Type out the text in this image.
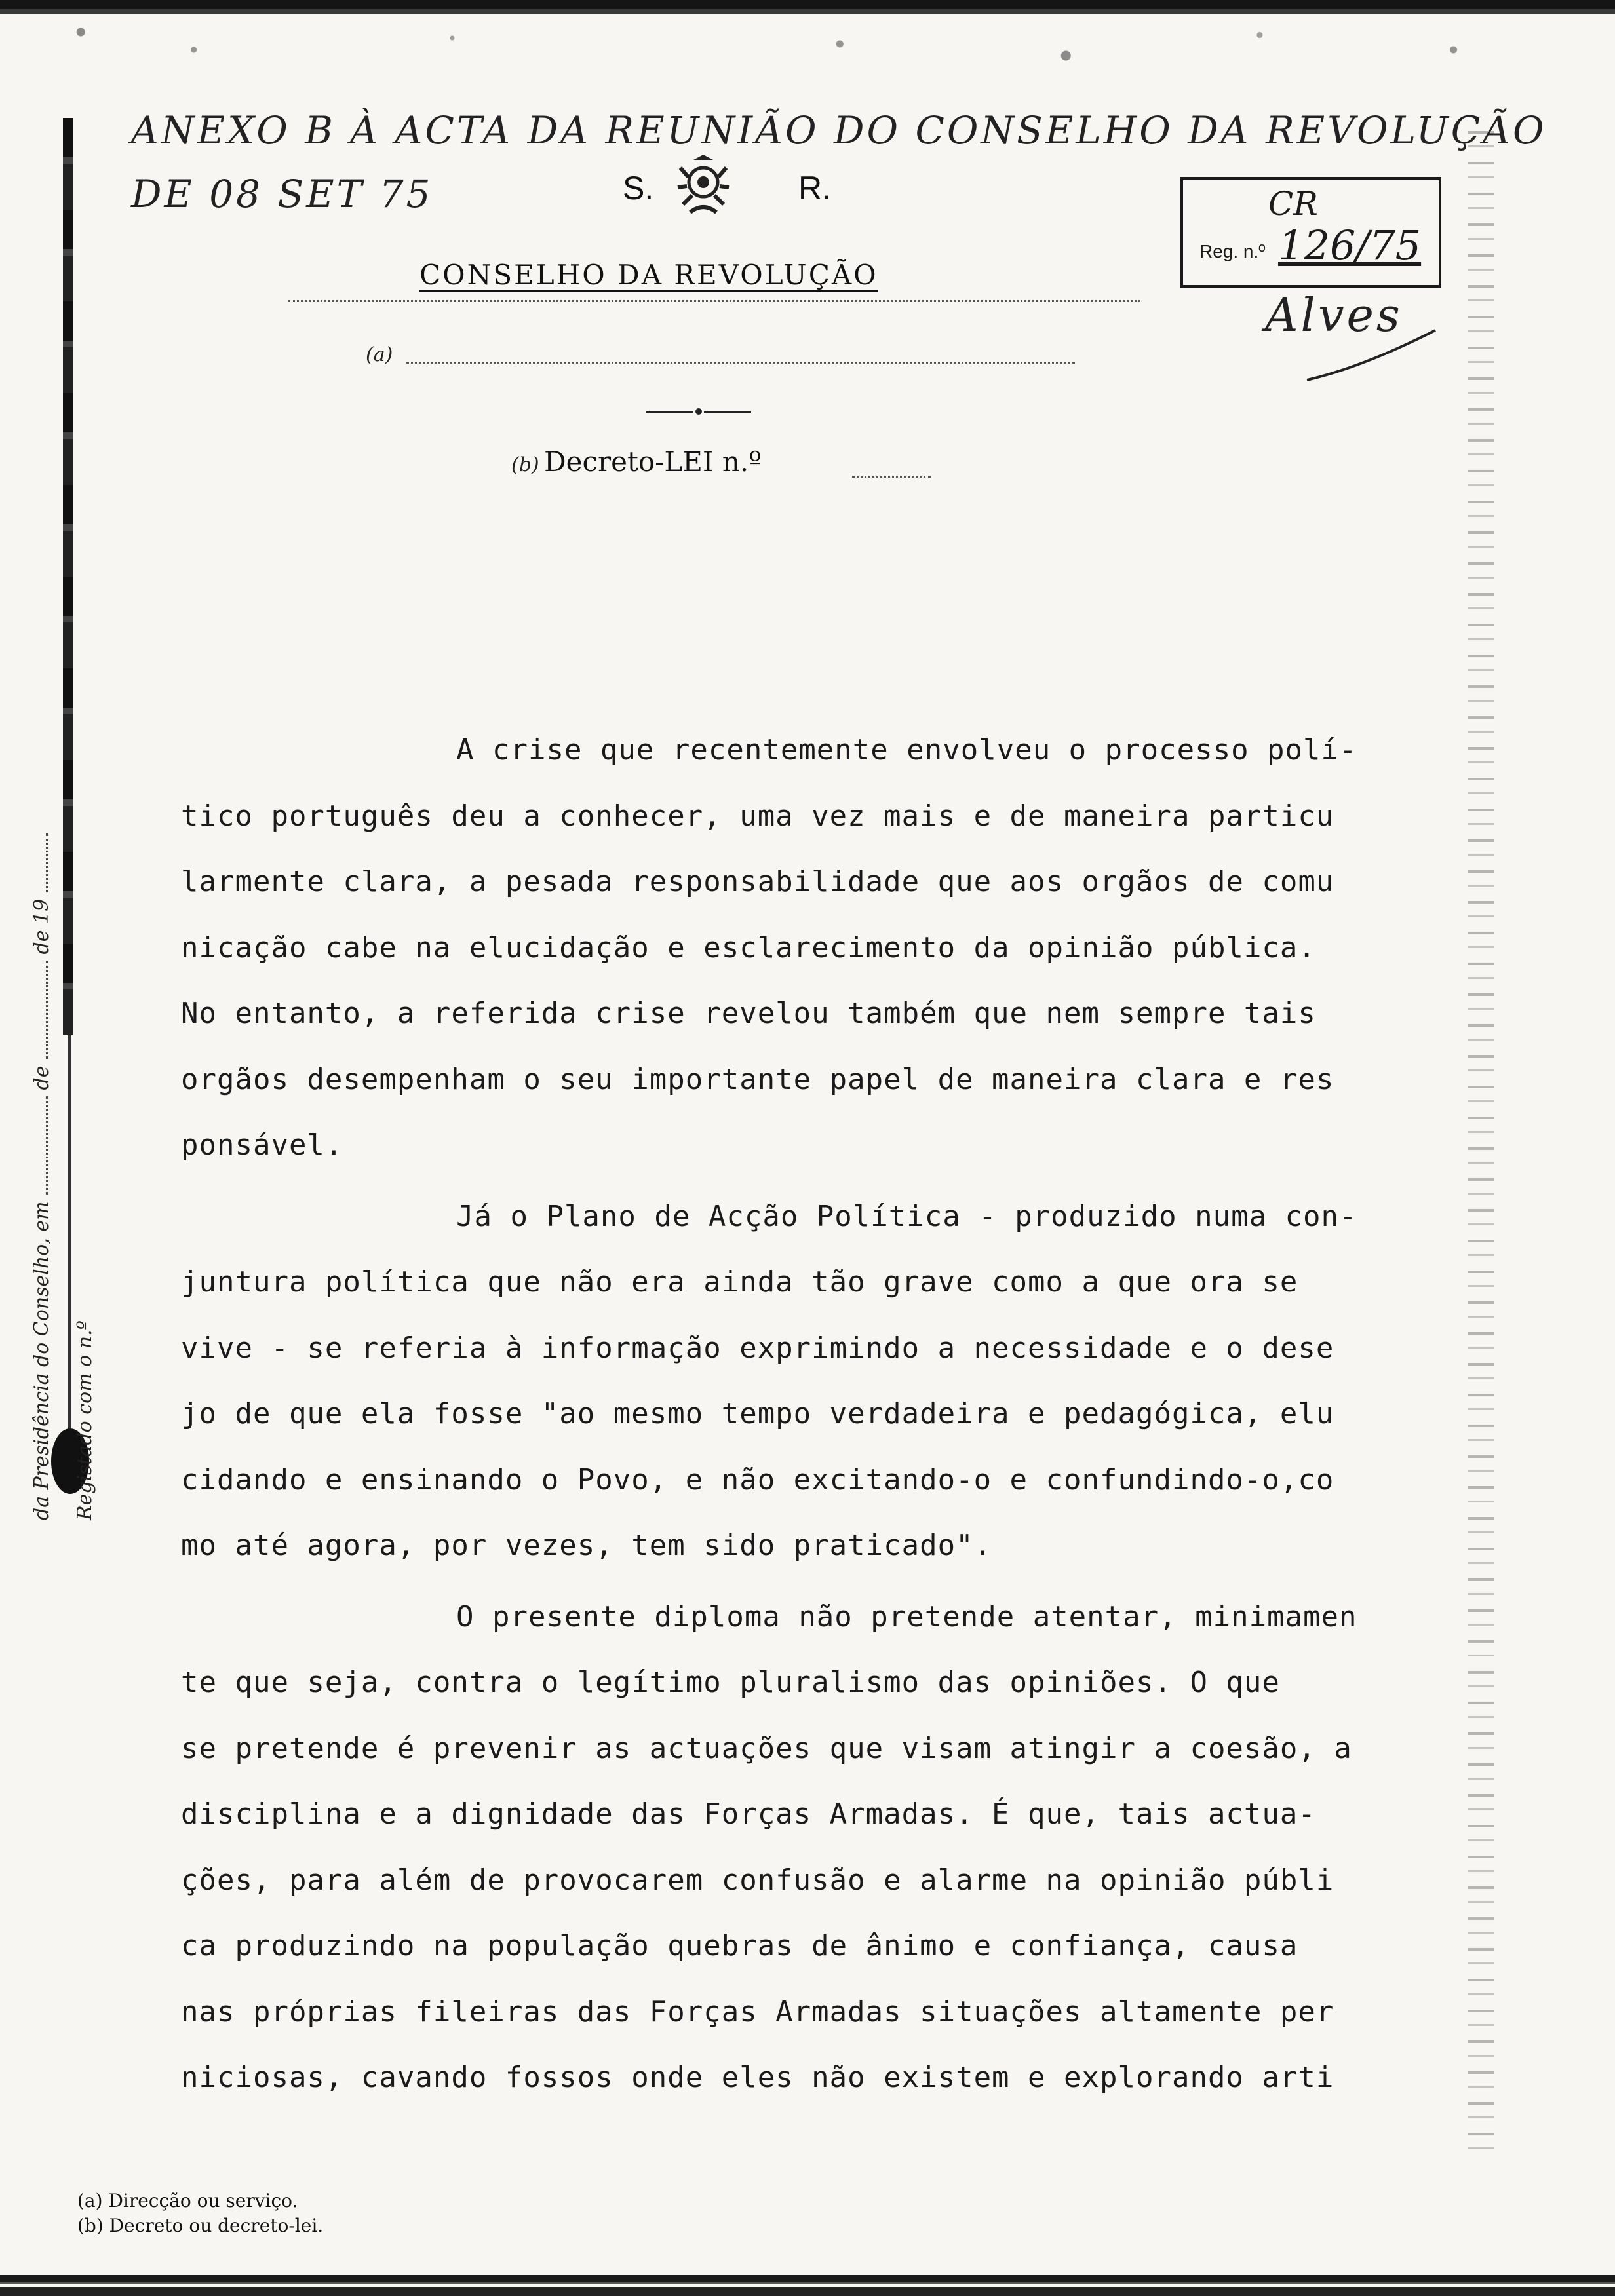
ANEXO B À ACTA DA REUNIÃO DO CONSELHO DA REVOLUÇÃO
DE 08 SET 75	S.	R.
CONSELHO DA REVOLUÇÃO
(a)
(b) Decreto-LEI n.º
CR
Reg. n.º 126/75
Alves
Registado com o n.º
da Presidência do Conselho, emdede 19
A crise que recentemente envolveu o processo polí-
tico português deu a conhecer, uma vez mais e de maneira particu
larmente clara, a pesada responsabilidade que aos orgãos de comu
nicação cabe na elucidação e esclarecimento da opinião pública.
No entanto, a referida crise revelou também que nem sempre tais
orgãos desempenham o seu importante papel de maneira clara e res
ponsável.
Já o Plano de Acção Política - produzido numa con-
juntura política que não era ainda tão grave como a que ora se
vive - se referia à informação exprimindo a necessidade e o dese
jo de que ela fosse "ao mesmo tempo verdadeira e pedagógica, elu
cidando e ensinando o Povo, e não excitando-o e confundindo-o,co
mo até agora, por vezes, tem sido praticado".
O presente diploma não pretende atentar, minimamen
te que seja, contra o legítimo pluralismo das opiniões. O que
se pretende é prevenir as actuações que visam atingir a coesão, a
disciplina e a dignidade das Forças Armadas. É que, tais actua-
ções, para além de provocarem confusão e alarme na opinião públi
ca produzindo na população quebras de ânimo e confiança, causa
nas próprias fileiras das Forças Armadas situações altamente per
niciosas, cavando fossos onde eles não existem e explorando arti
(a) Direcção ou serviço.
(b) Decreto ou decreto-lei.
